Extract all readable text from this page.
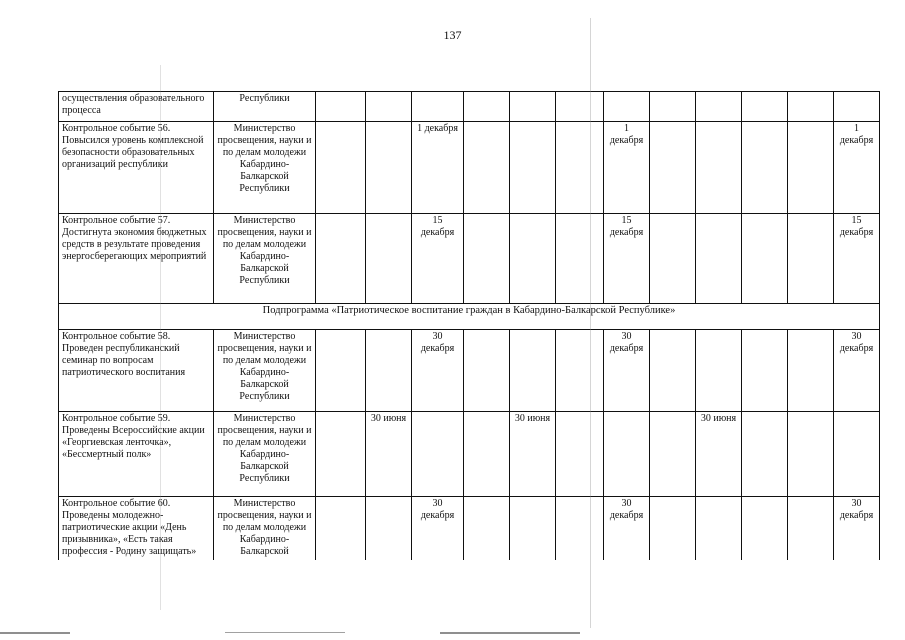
137
осуществления образовательного процесса	Республики												
Контрольное событие 56. Повысился уровень комплексной безопасности образовательных организаций республики	Министерство просвещения, науки и по делам молодежи Кабардино-Балкарской Республики			1 декабря				1 декабря					1 декабря
Контрольное событие 57. Достигнута экономия бюджетных средств в результате проведения энергосберегающих мероприятий	Министерство просвещения, науки и по делам молодежи Кабардино-Балкарской Республики			15 декабря				15 декабря					15 декабря
Подпрограмма «Патриотическое воспитание граждан в Кабардино-Балкарской Республике»													
Контрольное событие 58. Проведен республиканский семинар по вопросам патриотического воспитания	Министерство просвещения, науки и по делам молодежи Кабардино-Балкарской Республики			30 декабря				30 декабря					30 декабря
Контрольное событие 59. Проведены Всероссийские акции «Георгиевская ленточка», «Бессмертный полк»	Министерство просвещения, науки и по делам молодежи Кабардино-Балкарской Республики		30 июня			30 июня				30 июня			
Контрольное событие 60. Проведены молодежно-патриотические акции «День призывника», «Есть такая профессия - Родину защищать»	Министерство просвещения, науки и по делам молодежи Кабардино-Балкарской			30 декабря				30 декабря					30 декабря
